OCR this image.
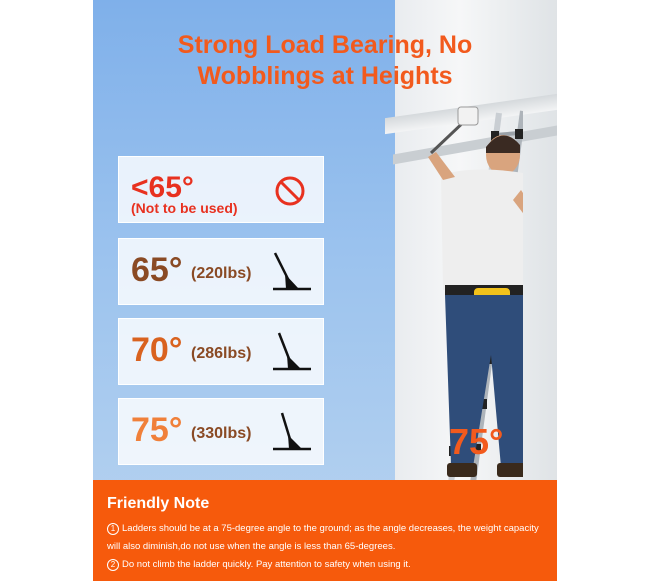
Strong Load Bearing, No
Wobblings at Heights
<65°
(Not to be used)
65° (220lbs)
70° (286lbs)
75° (330lbs)	75°
Friendly Note
1 Ladders should be at a 75-degree angle to the ground; as the angle decreases, the weight capacity
will also diminish,do not use when the angle is less than 65-degrees.
2 Do not climb the ladder quickly. Pay attention to safety when using it.
